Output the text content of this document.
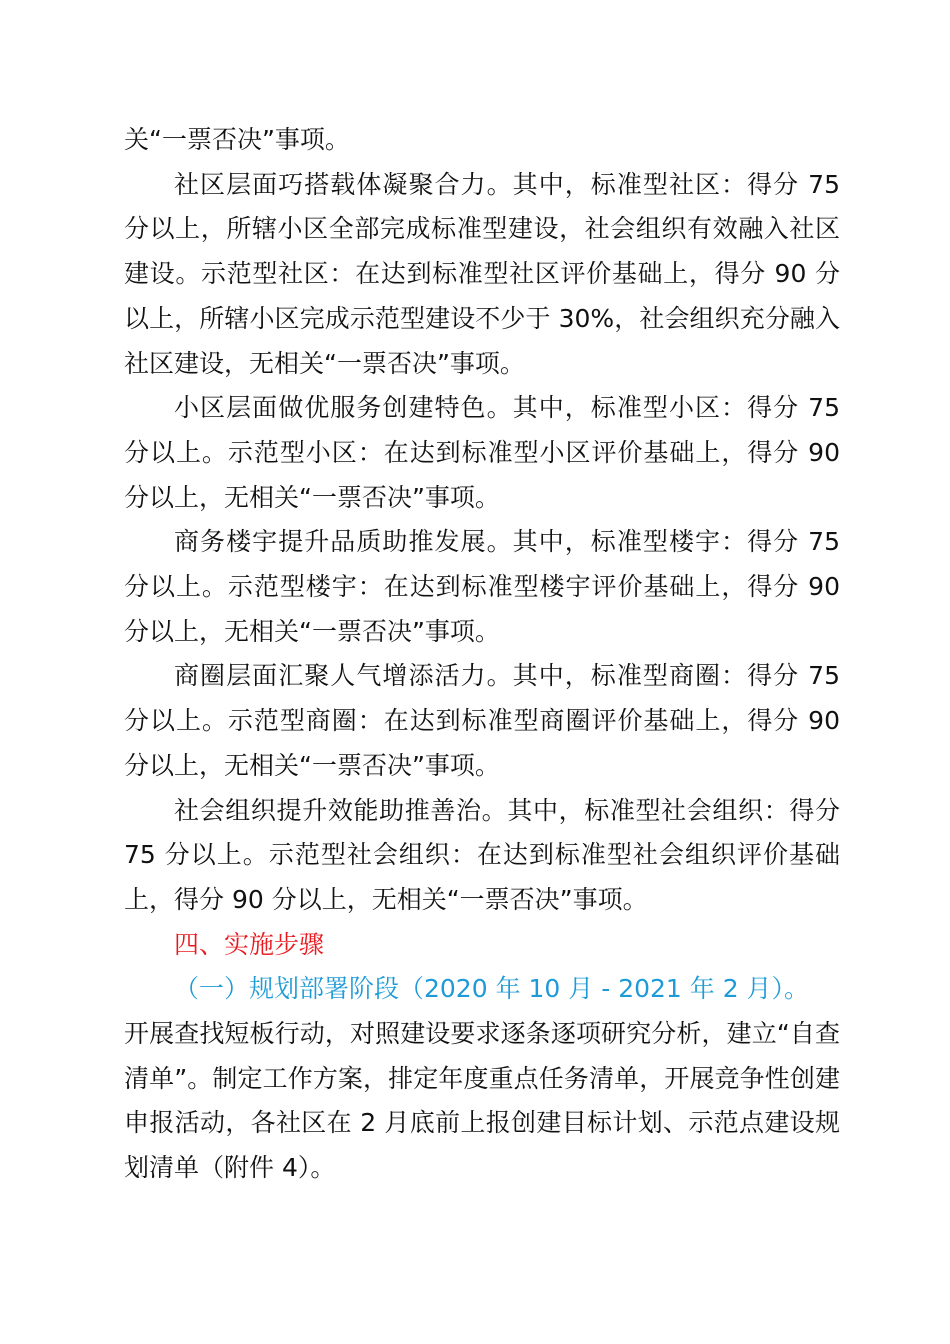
关“一票否决”事项。

社区层面巧搭载体凝聚合力。其中，标准型社区：得分 75 分以上，所辖小区全部完成标准型建设，社会组织有效融入社区建设。示范型社区：在达到标准型社区评价基础上，得分 90 分以上，所辖小区完成示范型建设不少于 30%，社会组织充分融入社区建设，无相关“一票否决”事项。

小区层面做优服务创建特色。其中，标准型小区：得分 75 分以上。示范型小区：在达到标准型小区评价基础上，得分 90 分以上，无相关“一票否决”事项。

商务楼宇提升品质助推发展。其中，标准型楼宇：得分 75 分以上。示范型楼宇：在达到标准型楼宇评价基础上，得分 90 分以上，无相关“一票否决”事项。

商圈层面汇聚人气增添活力。其中，标准型商圈：得分 75 分以上。示范型商圈：在达到标准型商圈评价基础上，得分 90 分以上，无相关“一票否决”事项。

社会组织提升效能助推善治。其中，标准型社会组织：得分 75 分以上。示范型社会组织：在达到标准型社会组织评价基础上，得分 90 分以上，无相关“一票否决”事项。

四、实施步骤

（一）规划部署阶段（2020 年 10 月 - 2021 年 2 月）。

开展查找短板行动，对照建设要求逐条逐项研究分析，建立“自查清单”。制定工作方案，排定年度重点任务清单，开展竞争性创建申报活动，各社区在 2 月底前上报创建目标计划、示范点建设规划清单（附件 4）。
